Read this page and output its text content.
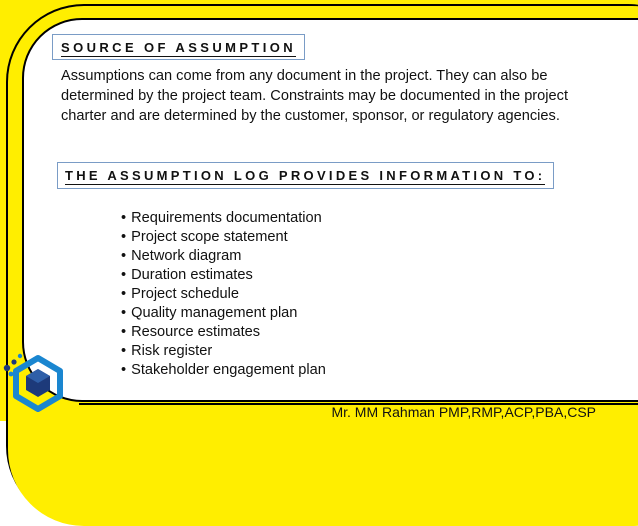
SOURCE OF ASSUMPTION

Assumptions can come from any document in the project. They can also be determined by the project team. Constraints may be documented in the project charter and are determined by the customer, sponsor, or regulatory agencies.

THE ASSUMPTION LOG PROVIDES INFORMATION TO:
• Requirements documentation
• Project scope statement
• Network diagram
• Duration estimates
• Project schedule
• Quality management plan
• Resource estimates
• Risk register
• Stakeholder engagement plan
Mr. MM Rahman PMP,RMP,ACP,PBA,CSP
